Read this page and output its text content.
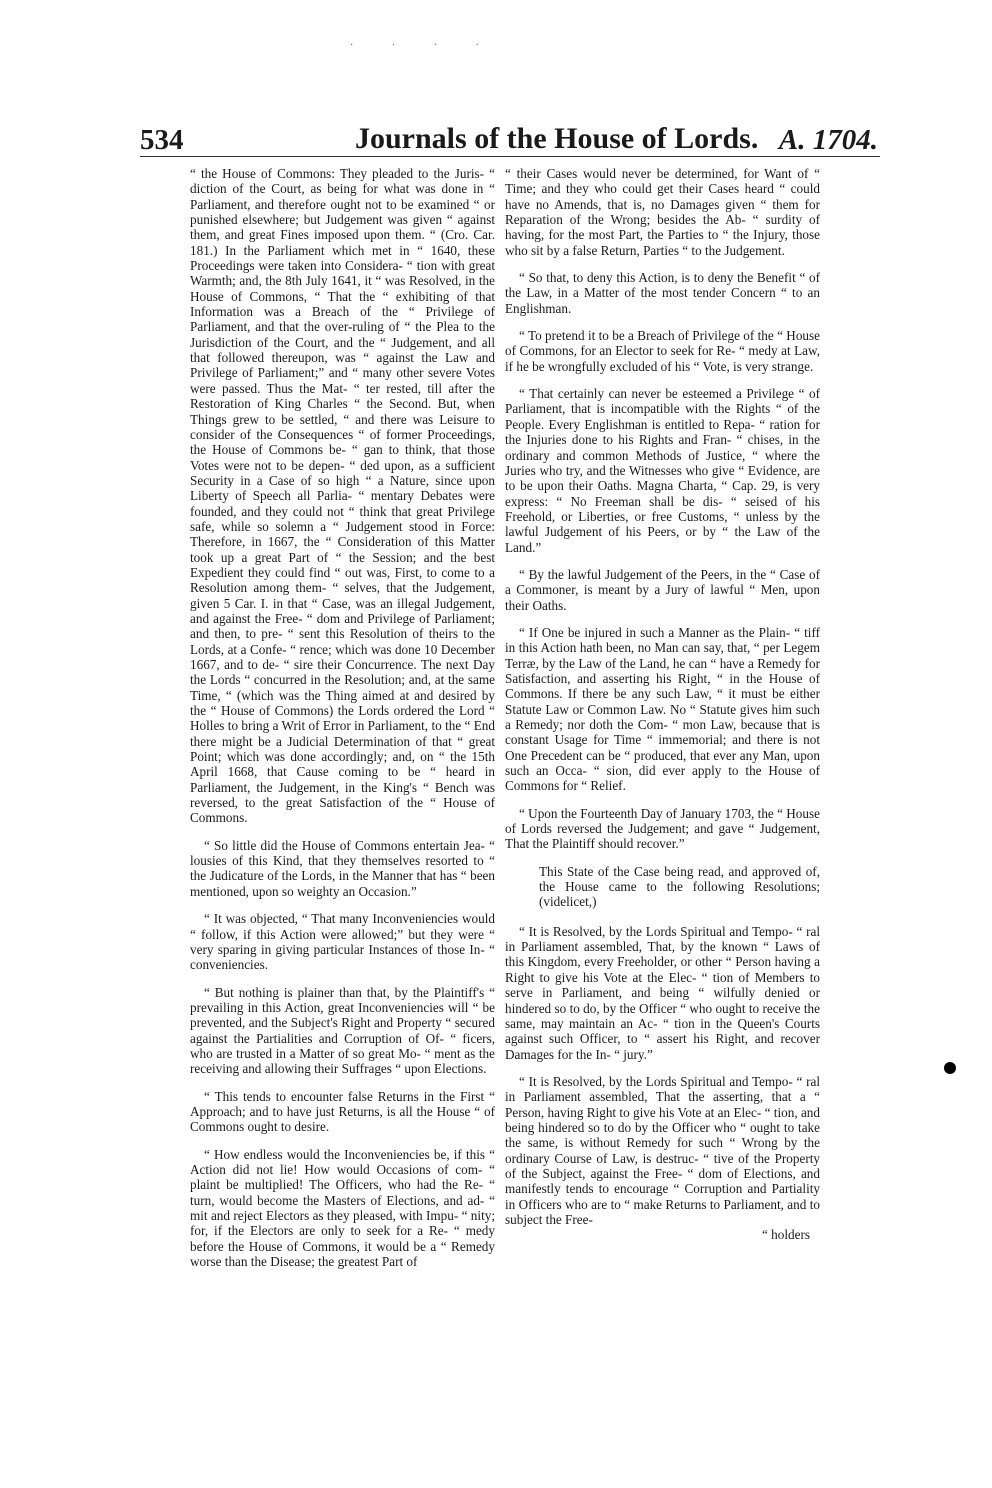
· · · ·
534	Journals of the House of Lords. A. 1704.

“ the House of Commons: They pleaded to the Juris- “ diction of the Court, as being for what was done in “ Parliament, and therefore ought not to be examined “ or punished elsewhere; but Judgement was given “ against them, and great Fines imposed upon them. “ (Cro. Car. 181.) In the Parliament which met in “ 1640, these Proceedings were taken into Considera- “ tion with great Warmth; and, the 8th July 1641, it “ was Resolved, in the House of Commons, “ That the “ exhibiting of that Information was a Breach of the “ Privilege of Parliament, and that the over-ruling of “ the Plea to the Jurisdiction of the Court, and the “ Judgement, and all that followed thereupon, was “ against the Law and Privilege of Parliament;” and “ many other severe Votes were passed. Thus the Mat- “ ter rested, till after the Restoration of King Charles “ the Second. But, when Things grew to be settled, “ and there was Leisure to consider of the Consequences “ of former Proceedings, the House of Commons be- “ gan to think, that those Votes were not to be depen- “ ded upon, as a sufficient Security in a Case of so high “ a Nature, since upon Liberty of Speech all Parlia- “ mentary Debates were founded, and they could not “ think that great Privilege safe, while so solemn a “ Judgement stood in Force: Therefore, in 1667, the “ Consideration of this Matter took up a great Part of “ the Session; and the best Expedient they could find “ out was, First, to come to a Resolution among them- “ selves, that the Judgement, given 5 Car. I. in that “ Case, was an illegal Judgement, and against the Free- “ dom and Privilege of Parliament; and then, to pre- “ sent this Resolution of theirs to the Lords, at a Confe- “ rence; which was done 10 December 1667, and to de- “ sire their Concurrence. The next Day the Lords “ concurred in the Resolution; and, at the same Time, “ (which was the Thing aimed at and desired by the “ House of Commons) the Lords ordered the Lord “ Holles to bring a Writ of Error in Parliament, to the “ End there might be a Judicial Determination of that “ great Point; which was done accordingly; and, on “ the 15th April 1668, that Cause coming to be “ heard in Parliament, the Judgement, in the King's “ Bench was reversed, to the great Satisfaction of the “ House of Commons.

“ So little did the House of Commons entertain Jea- “ lousies of this Kind, that they themselves resorted to “ the Judicature of the Lords, in the Manner that has “ been mentioned, upon so weighty an Occasion.”

“ It was objected, “ That many Inconveniencies would “ follow, if this Action were allowed;” but they were “ very sparing in giving particular Instances of those In- “ conveniencies.

“ But nothing is plainer than that, by the Plaintiff's “ prevailing in this Action, great Inconveniencies will “ be prevented, and the Subject's Right and Property “ secured against the Partialities and Corruption of Of- “ ficers, who are trusted in a Matter of so great Mo- “ ment as the receiving and allowing their Suffrages “ upon Elections.

“ This tends to encounter false Returns in the First “ Approach; and to have just Returns, is all the House “ of Commons ought to desire.

“ How endless would the Inconveniencies be, if this “ Action did not lie! How would Occasions of com- “ plaint be multiplied! The Officers, who had the Re- “ turn, would become the Masters of Elections, and ad- “ mit and reject Electors as they pleased, with Impu- “ nity; for, if the Electors are only to seek for a Re- “ medy before the House of Commons, it would be a “ Remedy worse than the Disease; the greatest Part of

“ their Cases would never be determined, for Want of “ Time; and they who could get their Cases heard “ could have no Amends, that is, no Damages given “ them for Reparation of the Wrong; besides the Ab- “ surdity of having, for the most Part, the Parties to “ the Injury, those who sit by a false Return, Parties “ to the Judgement.

“ So that, to deny this Action, is to deny the Benefit “ of the Law, in a Matter of the most tender Concern “ to an Englishman.

“ To pretend it to be a Breach of Privilege of the “ House of Commons, for an Elector to seek for Re- “ medy at Law, if he be wrongfully excluded of his “ Vote, is very strange.

“ That certainly can never be esteemed a Privilege “ of Parliament, that is incompatible with the Rights “ of the People. Every Englishman is entitled to Repa- “ ration for the Injuries done to his Rights and Fran- “ chises, in the ordinary and common Methods of Justice, “ where the Juries who try, and the Witnesses who give “ Evidence, are to be upon their Oaths. Magna Charta, “ Cap. 29, is very express: “ No Freeman shall be dis- “ seised of his Freehold, or Liberties, or free Customs, “ unless by the lawful Judgement of his Peers, or by “ the Law of the Land.”

“ By the lawful Judgement of the Peers, in the “ Case of a Commoner, is meant by a Jury of lawful “ Men, upon their Oaths.

“ If One be injured in such a Manner as the Plain- “ tiff in this Action hath been, no Man can say, that, “ per Legem Terræ, by the Law of the Land, he can “ have a Remedy for Satisfaction, and asserting his Right, “ in the House of Commons. If there be any such Law, “ it must be either Statute Law or Common Law. No “ Statute gives him such a Remedy; nor doth the Com- “ mon Law, because that is constant Usage for Time “ immemorial; and there is not One Precedent can be “ produced, that ever any Man, upon such an Occa- “ sion, did ever apply to the House of Commons for “ Relief.

“ Upon the Fourteenth Day of January 1703, the “ House of Lords reversed the Judgement; and gave “ Judgement, That the Plaintiff should recover.”

This State of the Case being read, and approved of, the House came to the following Resolutions; (videlicet,)

“ It is Resolved, by the Lords Spiritual and Tempo- “ ral in Parliament assembled, That, by the known “ Laws of this Kingdom, every Freeholder, or other “ Person having a Right to give his Vote at the Elec- “ tion of Members to serve in Parliament, and being “ wilfully denied or hindered so to do, by the Officer “ who ought to receive the same, may maintain an Ac- “ tion in the Queen's Courts against such Officer, to “ assert his Right, and recover Damages for the In- “ jury.”

“ It is Resolved, by the Lords Spiritual and Tempo- “ ral in Parliament assembled, That the asserting, that a “ Person, having Right to give his Vote at an Elec- “ tion, and being hindered so to do by the Officer who “ ought to take the same, is without Remedy for such “ Wrong by the ordinary Course of Law, is destruc- “ tive of the Property of the Subject, against the Free- “ dom of Elections, and manifestly tends to encourage “ Corruption and Partiality in Officers who are to “ make Returns to Parliament, and to subject the Free-

“ holders
